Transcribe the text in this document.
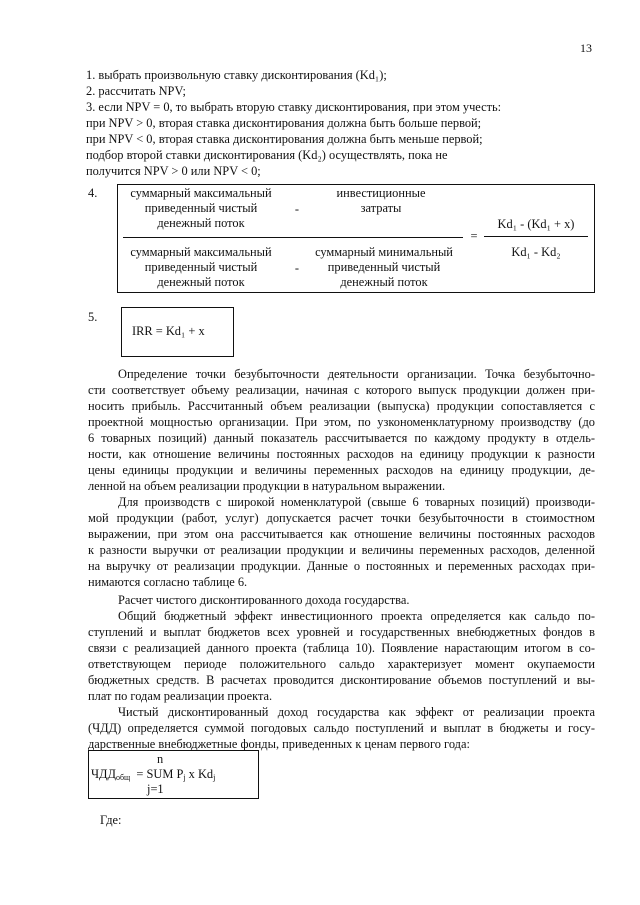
13
1. выбрать произвольную ставку дисконтирования (Kd₁);
2. рассчитать NPV;
3. если NPV = 0, то выбрать вторую ставку дисконтирования, при этом учесть:
при NPV > 0, вторая ставка дисконтирования должна быть больше первой;
при NPV < 0, вторая ставка дисконтирования должна быть меньше первой;
подбор второй ставки дисконтирования (Kd₂) осуществлять, пока не
получится NPV > 0 или NPV < 0;
4.	суммарный максимальный
приведенный чистый
денежный поток
-
инвестиционные
затраты
=
Kd₁ - (Kd₁ + x)
Kd₁ - Kd₂
суммарный максимальный
приведенный чистый
денежный поток
-
суммарный минимальный
приведенный чистый
денежный поток
5.
IRR = Kd₁ + x
Определение точки безубыточности деятельности организации. Точка безубыточно-
сти соответствует объему реализации, начиная с которого выпуск продукции должен при-
носить прибыль. Рассчитанный объем реализации (выпуска) продукции сопоставляется с
проектной мощностью организации. При этом, по узкономенклатурному производству (до
6 товарных позиций) данный показатель рассчитывается по каждому продукту в отдель-
ности, как отношение величины постоянных расходов на единицу продукции к разности
цены единицы продукции и величины переменных расходов на единицу продукции, де-
ленной на объем реализации продукции в натуральном выражении.
Для производств с широкой номенклатурой (свыше 6 товарных позиций) производи-
мой продукции (работ, услуг) допускается расчет точки безубыточности в стоимостном
выражении, при этом она рассчитывается как отношение величины постоянных расходов
к разности выручки от реализации продукции и величины переменных расходов, деленной
на выручку от реализации продукции. Данные о постоянных и переменных расходах при-
нимаются согласно таблице 6.
Расчет чистого дисконтированного дохода государства.
Общий бюджетный эффект инвестиционного проекта определяется как сальдо по-
ступлений и выплат бюджетов всех уровней и государственных внебюджетных фондов в
связи с реализацией данного проекта (таблица 10). Появление нарастающим итогом в со-
ответствующем периоде положительного сальдо характеризует момент окупаемости
бюджетных средств. В расчетах проводится дисконтирование объемов поступлений и вы-
плат по годам реализации проекта.
Чистый дисконтированный доход государства как эффект от реализации проекта
(ЧДД) определяется суммой погодовых сальдо поступлений и выплат в бюджеты и госу-
дарственные внебюджетные фонды, приведенных к ценам первого года:
n
$ЧДД_{общ}$ = SUM $P_j$ x $Kd_j$
j=1
Где:
